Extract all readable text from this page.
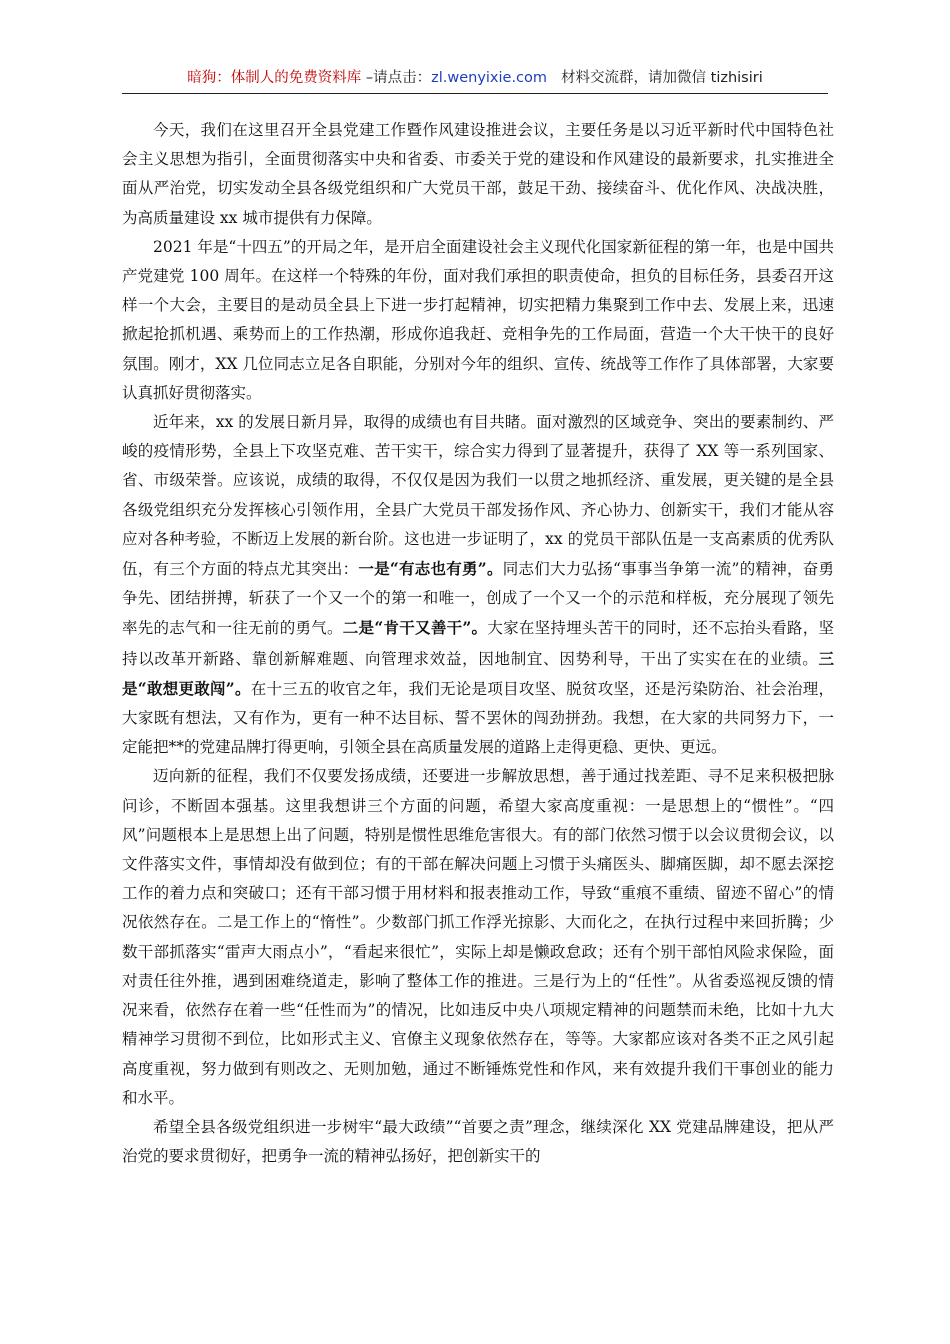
暗狗：体制人的免费资料库 –请点击：zl.wenyixie.com 材料交流群，请加微信 tizhisiri

今天，我们在这里召开全县党建工作暨作风建设推进会议，主要任务是以习近平新时代中国特色社会主义思想为指引，全面贯彻落实中央和省委、市委关于党的建设和作风建设的最新要求，扎实推进全面从严治党，切实发动全县各级党组织和广大党员干部，鼓足干劲、接续奋斗、优化作风、决战决胜，为高质量建设 xx 城市提供有力保障。

2021 年是“十四五”的开局之年，是开启全面建设社会主义现代化国家新征程的第一年，也是中国共产党建党 100 周年。在这样一个特殊的年份，面对我们承担的职责使命，担负的目标任务，县委召开这样一个大会，主要目的是动员全县上下进一步打起精神，切实把精力集聚到工作中去、发展上来，迅速掀起抢抓机遇、乘势而上的工作热潮，形成你追我赶、竞相争先的工作局面，营造一个大干快干的良好氛围。刚才，XX 几位同志立足各自职能，分别对今年的组织、宣传、统战等工作作了具体部署，大家要认真抓好贯彻落实。

近年来，xx 的发展日新月异，取得的成绩也有目共睹。面对激烈的区域竞争、突出的要素制约、严峻的疫情形势，全县上下攻坚克难、苦干实干，综合实力得到了显著提升，获得了 XX 等一系列国家、省、市级荣誉。应该说，成绩的取得，不仅仅是因为我们一以贯之地抓经济、重发展，更关键的是全县各级党组织充分发挥核心引领作用，全县广大党员干部发扬作风、齐心协力、创新实干，我们才能从容应对各种考验，不断迈上发展的新台阶。这也进一步证明了，xx 的党员干部队伍是一支高素质的优秀队伍，有三个方面的特点尤其突出：一是“有志也有勇”。同志们大力弘扬“事事当争第一流”的精神，奋勇争先、团结拼搏，斩获了一个又一个的第一和唯一，创成了一个又一个的示范和样板，充分展现了领先率先的志气和一往无前的勇气。二是“肯干又善干”。大家在坚持埋头苦干的同时，还不忘抬头看路，坚持以改革开新路、靠创新解难题、向管理求效益，因地制宜、因势利导，干出了实实在在的业绩。三是“敢想更敢闯”。在十三五的收官之年，我们无论是项目攻坚、脱贫攻坚，还是污染防治、社会治理，大家既有想法，又有作为，更有一种不达目标、誓不罢休的闯劲拼劲。我想，在大家的共同努力下，一定能把**的党建品牌打得更响，引领全县在高质量发展的道路上走得更稳、更快、更远。

迈向新的征程，我们不仅要发扬成绩，还要进一步解放思想，善于通过找差距、寻不足来积极把脉问诊，不断固本强基。这里我想讲三个方面的问题，希望大家高度重视：一是思想上的“惯性”。“四风”问题根本上是思想上出了问题，特别是惯性思维危害很大。有的部门依然习惯于以会议贯彻会议，以文件落实文件，事情却没有做到位；有的干部在解决问题上习惯于头痛医头、脚痛医脚，却不愿去深挖工作的着力点和突破口；还有干部习惯于用材料和报表推动工作，导致“重痕不重绩、留迹不留心”的情况依然存在。二是工作上的“惰性”。少数部门抓工作浮光掠影、大而化之，在执行过程中来回折腾；少数干部抓落实“雷声大雨点小”，“看起来很忙”，实际上却是懒政怠政；还有个别干部怕风险求保险，面对责任往外推，遇到困难绕道走，影响了整体工作的推进。三是行为上的“任性”。从省委巡视反馈的情况来看，依然存在着一些“任性而为”的情况，比如违反中央八项规定精神的问题禁而未绝，比如十九大精神学习贯彻不到位，比如形式主义、官僚主义现象依然存在，等等。大家都应该对各类不正之风引起高度重视，努力做到有则改之、无则加勉，通过不断锤炼党性和作风，来有效提升我们干事创业的能力和水平。

希望全县各级党组织进一步树牢“最大政绩”“首要之责”理念，继续深化 XX 党建品牌建设，把从严治党的要求贯彻好，把勇争一流的精神弘扬好，把创新实干的
